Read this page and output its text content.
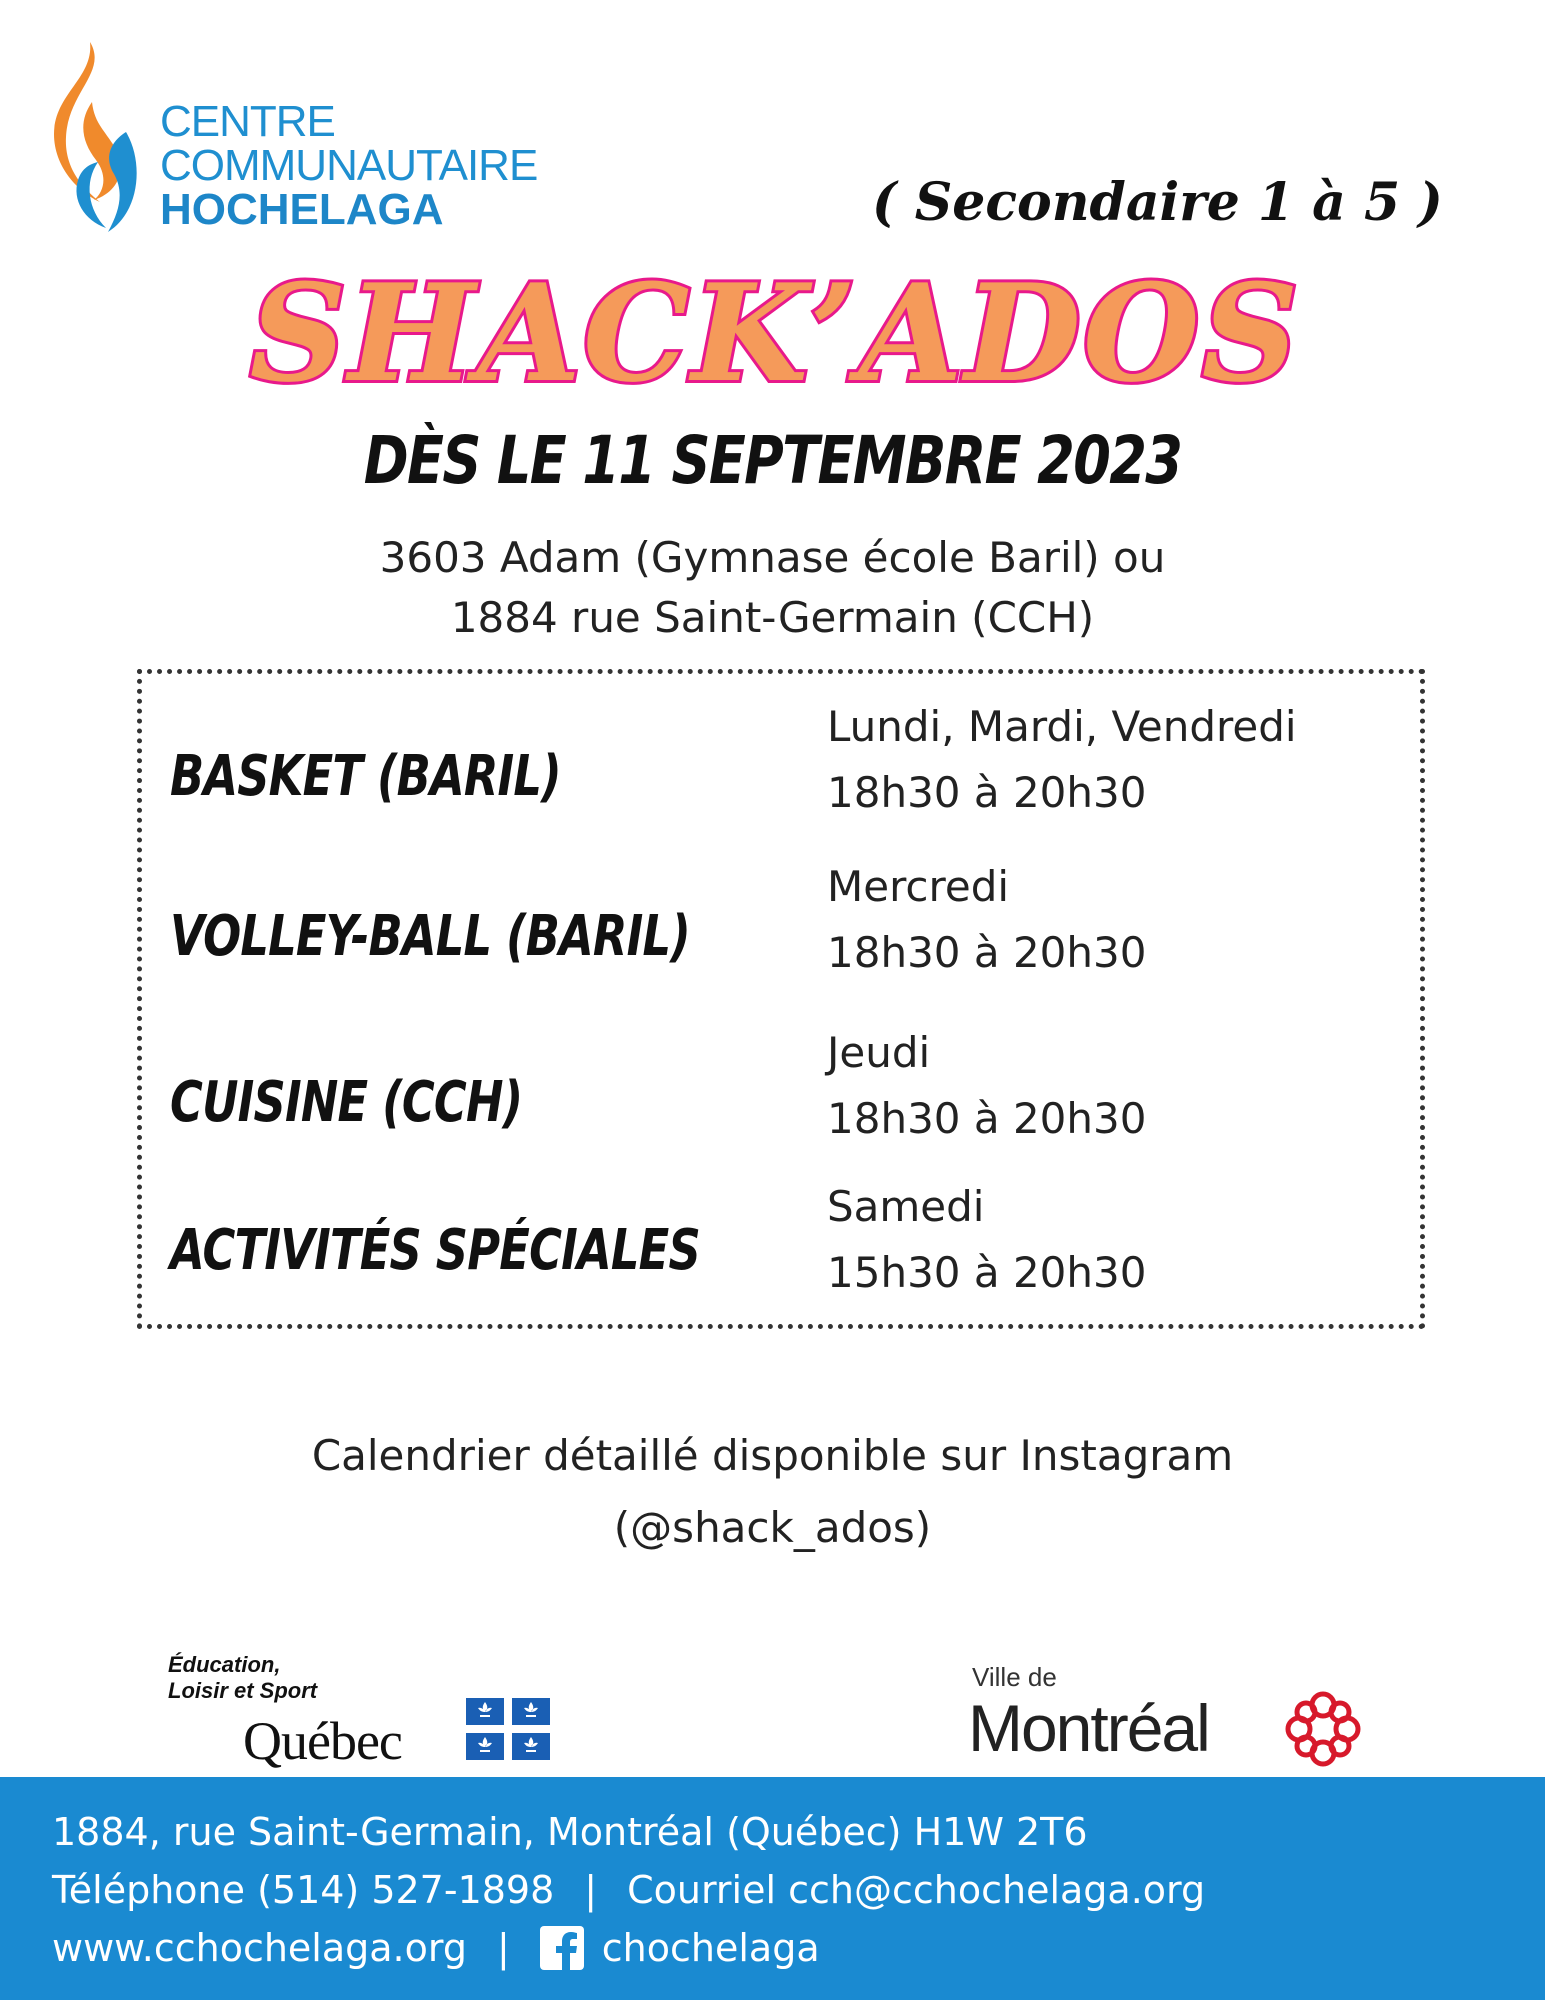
CENTRE
COMMUNAUTAIRE
HOCHELAGA	( Secondaire 1 à 5 )
SHACK’ADOS
DÈS LE 11 SEPTEMBRE 2023
3603 Adam (Gymnase école Baril) ou
1884 rue Saint-Germain (CCH)
BASKET (BARIL)
Lundi, Mardi, Vendredi
18h30 à 20h30
VOLLEY-BALL (BARIL)
Mercredi
18h30 à 20h30
CUISINE (CCH)
Jeudi
18h30 à 20h30
ACTIVITÉS SPÉCIALES
Samedi
15h30 à 20h30
Calendrier détaillé disponible sur Instagram
(@shack_ados)
Éducation,
Loisir et Sport
Québec
Ville de
Montréal
1884, rue Saint-Germain, Montréal (Québec) H1W 2T6
Téléphone (514) 527-1898 | Courriel cch@cchochelaga.org
www.cchochelaga.org | chochelaga
